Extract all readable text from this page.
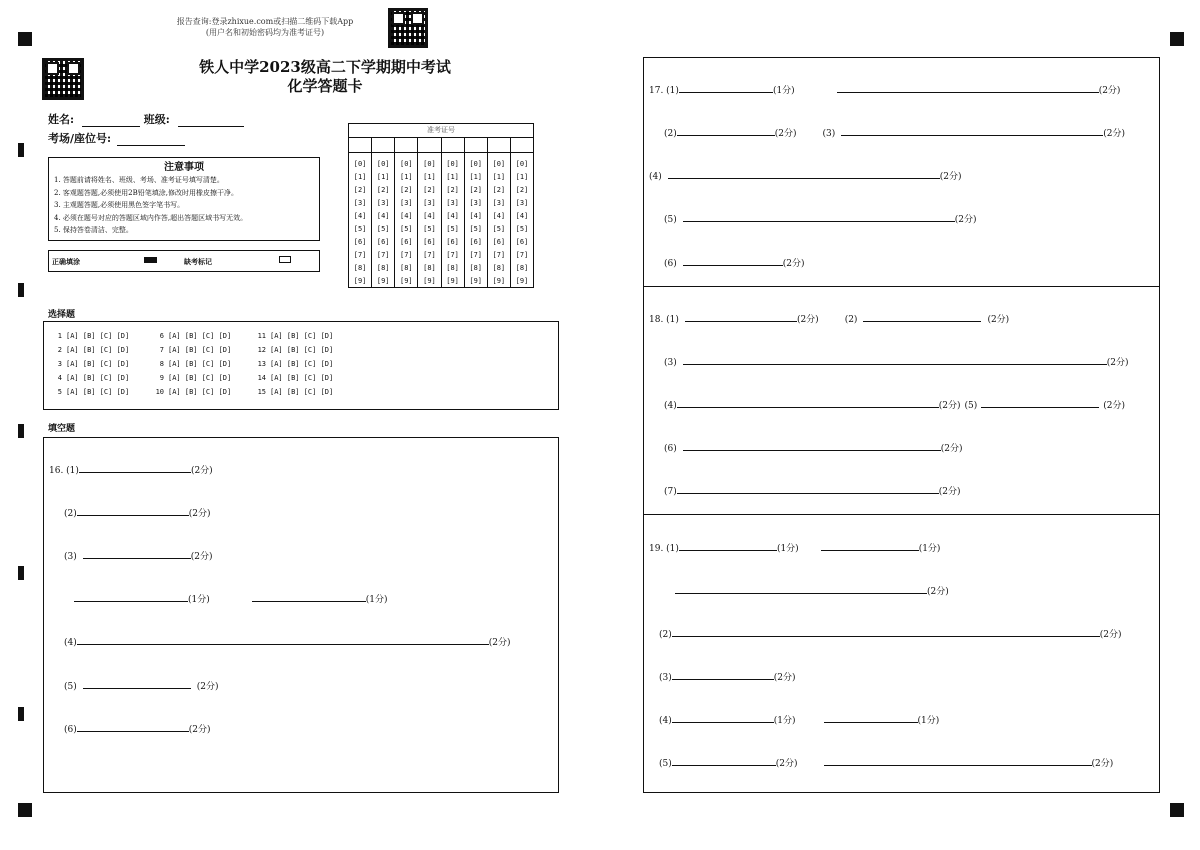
报告查询:登录zhixue.com或扫描二维码下载App
(用户名和初始密码均为准考证号)
铁人中学2023级高二下学期期中考试
化学答题卡
姓名:	班级:
考场/座位号:
注意事项
1. 答题前请将姓名、班级、考场、准考证号填写清楚。
2. 客观题答题,必须使用2B铅笔填涂,修改时用橡皮擦干净。
3. 主观题答题,必须使用黑色签字笔书写。
4. 必须在题号对应的答题区域内作答,超出答题区域书写无效。
5. 保持答卷清洁、完整。
正确填涂	缺考标记
准考证号

[0]	[0]	[0]	[0]	[0]	[0]	[0]	[0]
[1]	[1]	[1]	[1]	[1]	[1]	[1]	[1]
[2]	[2]	[2]	[2]	[2]	[2]	[2]	[2]
[3]	[3]	[3]	[3]	[3]	[3]	[3]	[3]
[4]	[4]	[4]	[4]	[4]	[4]	[4]	[4]
[5]	[5]	[5]	[5]	[5]	[5]	[5]	[5]
[6]	[6]	[6]	[6]	[6]	[6]	[6]	[6]
[7]	[7]	[7]	[7]	[7]	[7]	[7]	[7]
[8]	[8]	[8]	[8]	[8]	[8]	[8]	[8]
[9]	[9]	[9]	[9]	[9]	[9]	[9]	[9]
选择题
1 [A] [B] [C] [D]	6 [A] [B] [C] [D]	11 [A] [B] [C] [D]
2 [A] [B] [C] [D]	7 [A] [B] [C] [D]	12 [A] [B] [C] [D]
3 [A] [B] [C] [D]	8 [A] [B] [C] [D]	13 [A] [B] [C] [D]
4 [A] [B] [C] [D]	9 [A] [B] [C] [D]	14 [A] [B] [C] [D]
5 [A] [B] [C] [D]	10 [A] [B] [C] [D]	15 [A] [B] [C] [D]
填空题
16. (1)	(2分)
(2)	(2分)
(3)	(2分)
(1分)	(1分)
(4)	(2分)
(5)	(2分)
(6)	(2分)
17. (1)	(1分)	(2分)
(2)	(2分)	(3)	(2分)
(4)	(2分)
(5)	(2分)
(6)	(2分)
18. (1)	(2分)	(2)	(2分)
(3)	(2分)
(4)	(2分) (5)	(2分)
(6)	(2分)
(7)	(2分)
19. (1)	(1分)	(1分)
(2分)
(2)	(2分)
(3)	(2分)
(4)	(1分)	(1分)
(5)	(2分)	(2分)
